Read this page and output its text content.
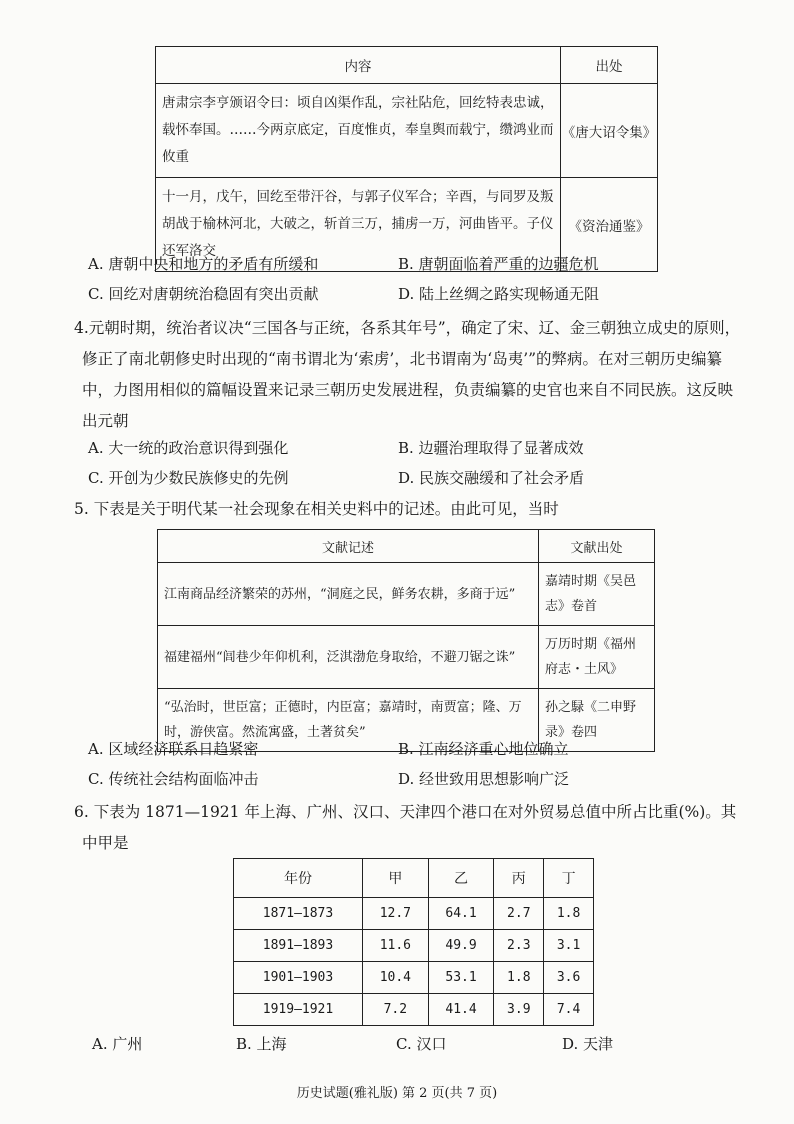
内容	出处
唐肃宗李亨颁诏令曰：顷自凶渠作乱，宗社阽危，回纥特表忠诚，载怀奉国。……今两京底定，百度惟贞，奉皇舆而载宁，缵鸿业而攸重	《唐大诏令集》
十一月，戊午，回纥至带汗谷，与郭子仪军合；辛酉，与同罗及叛胡战于榆林河北，大破之，斩首三万，捕虏一万，河曲皆平。子仪还军洛交	《资治通鉴》
A. 唐朝中央和地方的矛盾有所缓和	B. 唐朝面临着严重的边疆危机
C. 回纥对唐朝统治稳固有突出贡献	D. 陆上丝绸之路实现畅通无阻
4.元朝时期，统治者议决“三国各与正统，各系其年号”，确定了宋、辽、金三朝独立成史的原则，修正了南北朝修史时出现的“南书谓北为‘索虏’，北书谓南为‘岛夷’”的弊病。在对三朝历史编纂中，力图用相似的篇幅设置来记录三朝历史发展进程，负责编纂的史官也来自不同民族。这反映出元朝
A. 大一统的政治意识得到强化	B. 边疆治理取得了显著成效
C. 开创为少数民族修史的先例	D. 民族交融缓和了社会矛盾
5. 下表是关于明代某一社会现象在相关史料中的记述。由此可见，当时
文献记述	文献出处
江南商品经济繁荣的苏州，“洞庭之民，鲜务农耕，多商于远”	嘉靖时期《吴邑志》卷首
福建福州“闾巷少年仰机利，泛淇渤危身取给，不避刀锯之诛”	万历时期《福州府志・土风》
“弘治时，世臣富；正德时，内臣富；嘉靖时，南贾富；隆、万时，游侠富。然流寓盛，土著贫矣”	孙之騄《二申野录》卷四
A. 区域经济联系日趋紧密	B. 江南经济重心地位确立
C. 传统社会结构面临冲击	D. 经世致用思想影响广泛
6. 下表为 1871—1921 年上海、广州、汉口、天津四个港口在对外贸易总值中所占比重(%)。其中甲是
年份	甲	乙	丙	丁
1871—1873	12.7	64.1	2.7	1.8
1891—1893	11.6	49.9	2.3	3.1
1901—1903	10.4	53.1	1.8	3.6
1919—1921	7.2	41.4	3.9	7.4
A. 广州	B. 上海	C. 汉口	D. 天津
历史试题(雅礼版) 第 2 页(共 7 页)
